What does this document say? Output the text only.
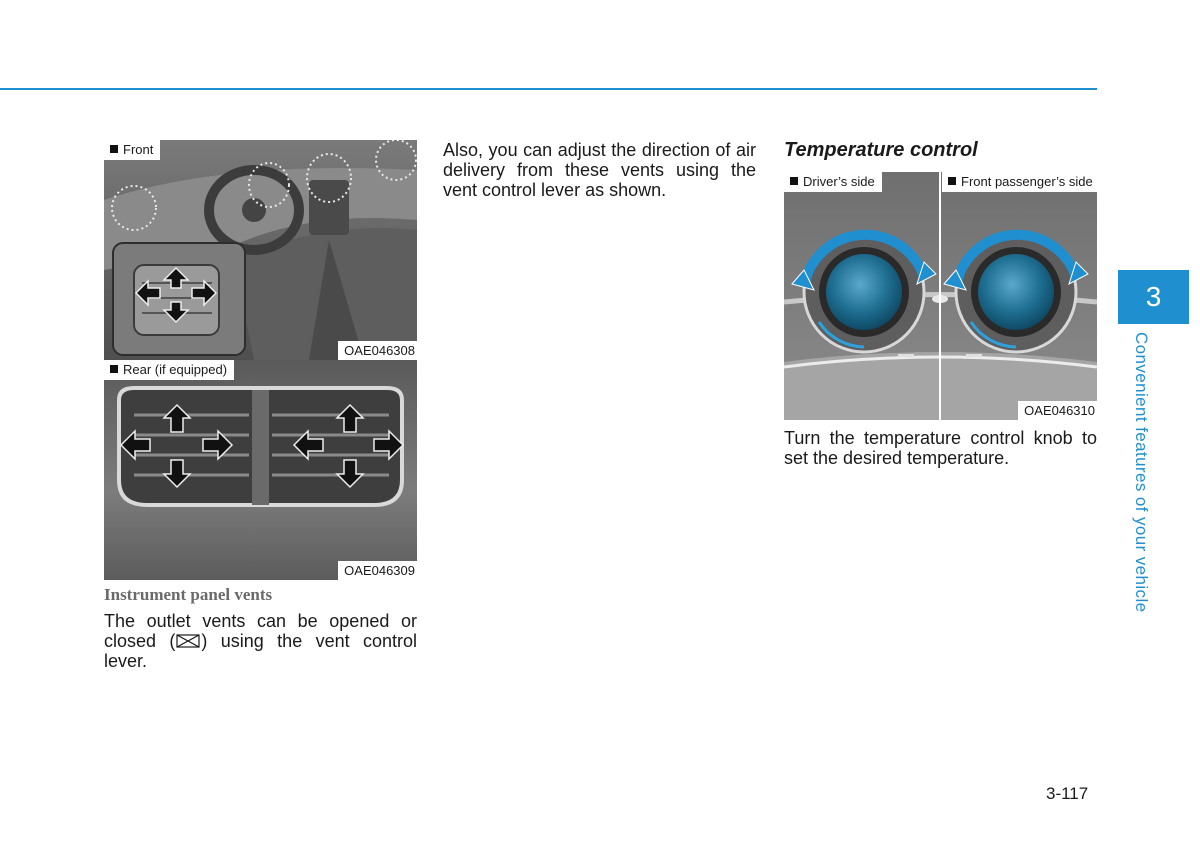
Front
OAE046308
Rear (if equipped)
OAE046309
Instrument panel vents
The outlet vents can be opened or closed ( ) using the vent control lever.
Also, you can adjust the direction of air delivery from these vents using the vent control lever as shown.
Temperature control
Driver’s side	Front passenger’s side
OAE046310
Turn the temperature control knob to set the desired temperature.
3
Convenient features of your vehicle
3-117
